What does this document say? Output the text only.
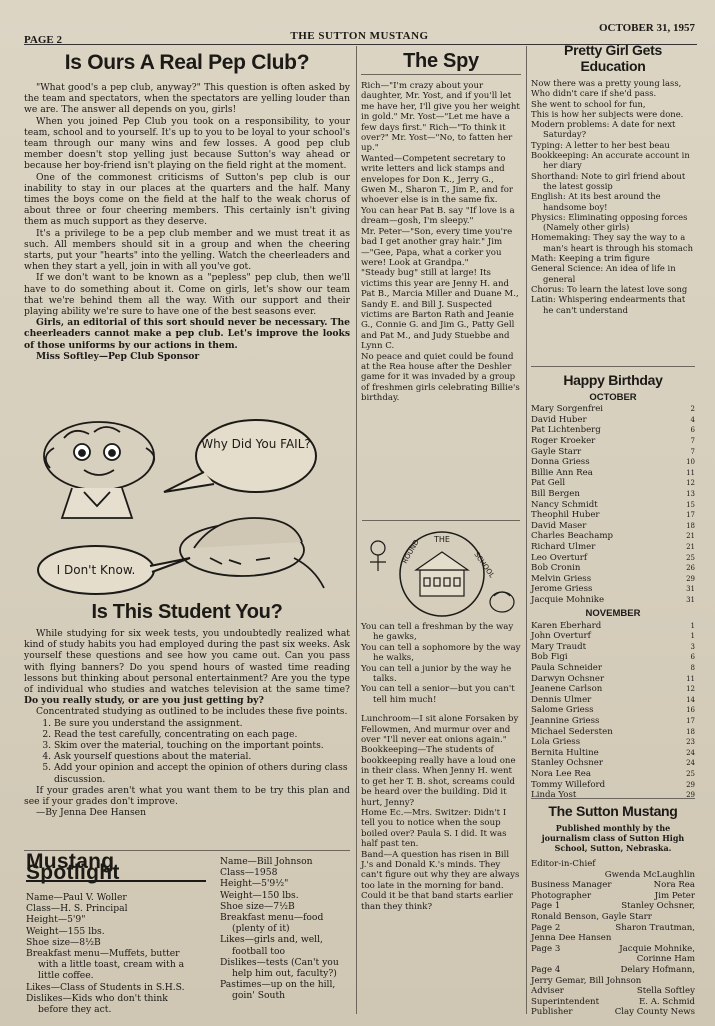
PAGE 2	THE SUTTON MUSTANG
OCTOBER 31, 1957
Is Ours A Real Pep Club?

"What good's a pep club, anyway?" This question is often asked by the team and spectators, when the spectators are yelling louder than we are. The answer all depends on you, girls!

When you joined Pep Club you took on a responsibility, to your team, school and to yourself. It's up to you to be loyal to your school's team through our many wins and few losses. A good pep club member doesn't stop yelling just because Sutton's way ahead or because her boy-friend isn't playing on the field right at the moment.

One of the commonest criticisms of Sutton's pep club is our inability to stay in our places at the quarters and the half. Many times the boys come on the field at the half to the weak chorus of about three or four cheering members. This certainly isn't giving them as much support as they deserve.

It's a privilege to be a pep club member and we must treat it as such. All members should sit in a group and when the cheering starts, put your "hearts" into the yelling. Watch the cheerleaders and when they start a yell, join in with all you've got.

If we don't want to be known as a "pepless" pep club, then we'll have to do something about it. Come on girls, let's show our team that we're behind them all the way. With our support and their playing ability we're sure to have one of the best seasons ever.

Girls, an editorial of this sort should never be necessary. The cheerleaders cannot make a pep club. Let's improve the looks of those uniforms by our actions in them.

Miss Softley—Pep Club Sponsor

Why Did You FAIL?
I Don't Know.
Is This Student You?

While studying for six week tests, you undoubtedly realized what kind of study habits you had employed during the past six weeks. Ask yourself these questions and see how you came out. Can you pass with flying banners? Do you spend hours of wasted time reading lessons but thinking about personal entertainment? Are you the type of individual who studies and watches television at the same time? Do you really study, or are you just getting by?

Concentrated studying as outlined to be includes these five points.

1. Be sure you understand the assignment.
2. Read the test carefully, concentrating on each page.
3. Skim over the material, touching on the important points.
4. Ask yourself questions about the material.
5. Add your opinion and accept the opinion of others during class discussion.

If your grades aren't what you want them to be try this plan and see if your grades don't improve.

—By Jenna Dee Hansen

Mustang Spotlight

Name—Paul V. Woller

Class—H. S. Principal

Height—5'9"

Weight—155 lbs.

Shoe size—8½B

Breakfast menu—Muffets, butter with a little toast, cream with a little coffee.

Likes—Class of Students in S.H.S.

Dislikes—Kids who don't think before they act.

Name—Bill Johnson

Class—1958

Height—5'9½"

Weight—150 lbs.

Shoe size—7½B

Breakfast menu—food (plenty of it)

Likes—girls and, well, football too

Dislikes—tests (Can't you help him out, faculty?)

Pastimes—up on the hill, goin' South

The Spy

Rich—"I'm crazy about your daughter, Mr. Yost, and if you'll let me have her, I'll give you her weight in gold." Mr. Yost—"Let me have a few days first." Rich—"To think it over?" Mr. Yost—"No, to fatten her up."

Wanted—Competent secretary to write letters and lick stamps and envelopes for Don K., Jerry G., Gwen M., Sharon T., Jim P., and for whoever else is in the same fix.

You can hear Pat B. say "If love is a dream—gosh, I'm sleepy."

Mr. Peter—"Son, every time you're bad I get another gray hair." Jim—"Gee, Papa, what a corker you were! Look at Grandpa."

"Steady bug" still at large! Its victims this year are Jenny H. and Pat B., Marcia Miller and Duane M., Sandy E. and Bill J. Suspected victims are Barton Rath and Jeanie G., Connie G. and Jim G., Patty Gell and Pat M., and Judy Stuebbe and Lynn C.

No peace and quiet could be found at the Rea house after the Deshler game for it was invaded by a group of freshmen girls celebrating Billie's birthday.

THE
ROUND	SCHOOL

You can tell a freshman by the way he gawks,

You can tell a sophomore by the way he walks,

You can tell a junior by the way he talks.

You can tell a senior—but you can't tell him much!

Lunchroom—I sit alone Forsaken by Fellowmen, And murmur over and over "I'll never eat onions again."

Bookkeeping—The students of bookkeeping really have a loud one in their class. When Jenny H. went to get her T. B. shot, screams could be heard over the building. Did it hurt, Jenny?

Home Ec.—Mrs. Switzer: Didn't I tell you to notice when the soup boiled over? Paula S. I did. It was half past ten.

Band—A question has risen in Bill J.'s and Donald K.'s minds. They can't figure out why they are always too late in the morning for band. Could it be that band starts earlier than they think?

Pretty Girl Gets Education

Now there was a pretty young lass,

Who didn't care if she'd pass.

She went to school for fun,

This is how her subjects were done.

Modern problems: A date for next Saturday?

Typing: A letter to her best beau

Bookkeeping: An accurate account in her diary

Shorthand: Note to girl friend about the latest gossip

English: At its best around the handsome boy!

Physics: Eliminating opposing forces (Namely other girls)

Homemaking: They say the way to a man's heart is through his stomach

Math: Keeping a trim figure

General Science: An idea of life in general

Chorus: To learn the latest love song

Latin: Whispering endearments that he can't understand

Happy Birthday
OCTOBER
Mary Sorgenfrei	2
David Huber	4
Pat Lichtenberg	6
Roger Kroeker	7
Gayle Starr	7
Donna Griess	10
Billie Ann Rea	11
Pat Gell	12
Bill Bergen	13
Nancy Schmidt	15
Theophil Huber	17
David Maser	18
Charles Beachamp	21
Richard Ulmer	21
Leo Overturf	25
Bob Cronin	26
Melvin Griess	29
Jerome Griess	31
Jacquie Mohnike	31
NOVEMBER
Karen Eberhard	1
John Overturf	1
Mary Traudt	3
Bob Figi	6
Paula Schneider	8
Darwyn Ochsner	11
Jeanene Carlson	12
Dennis Ulmer	14
Salome Griess	16
Jeannine Griess	17
Michael Sedersten	18
Lola Griess	23
Bernita Hultine	24
Stanley Ochsner	24
Nora Lee Rea	25
Tommy Willeford	29
Linda Yost	29
The Sutton Mustang

Published monthly by the journalism class of Sutton High School, Sutton, Nebraska.

Editor-in-Chief
Gwenda McLaughlin
Business Manager	Nora Rea
Photographer	Jim Peter
Page 1	Stanley Ochsner,
Ronald Benson, Gayle Starr
Page 2	Sharon Trautman,
Jenna Dee Hansen
Page 3	Jacquie Mohnike,
Corinne Ham
Page 4	Delary Hofmann,
Jerry Gemar, Bill Johnson
Adviser	Stella Softley
Superintendent	E. A. Schmid
Publisher	Clay County News
